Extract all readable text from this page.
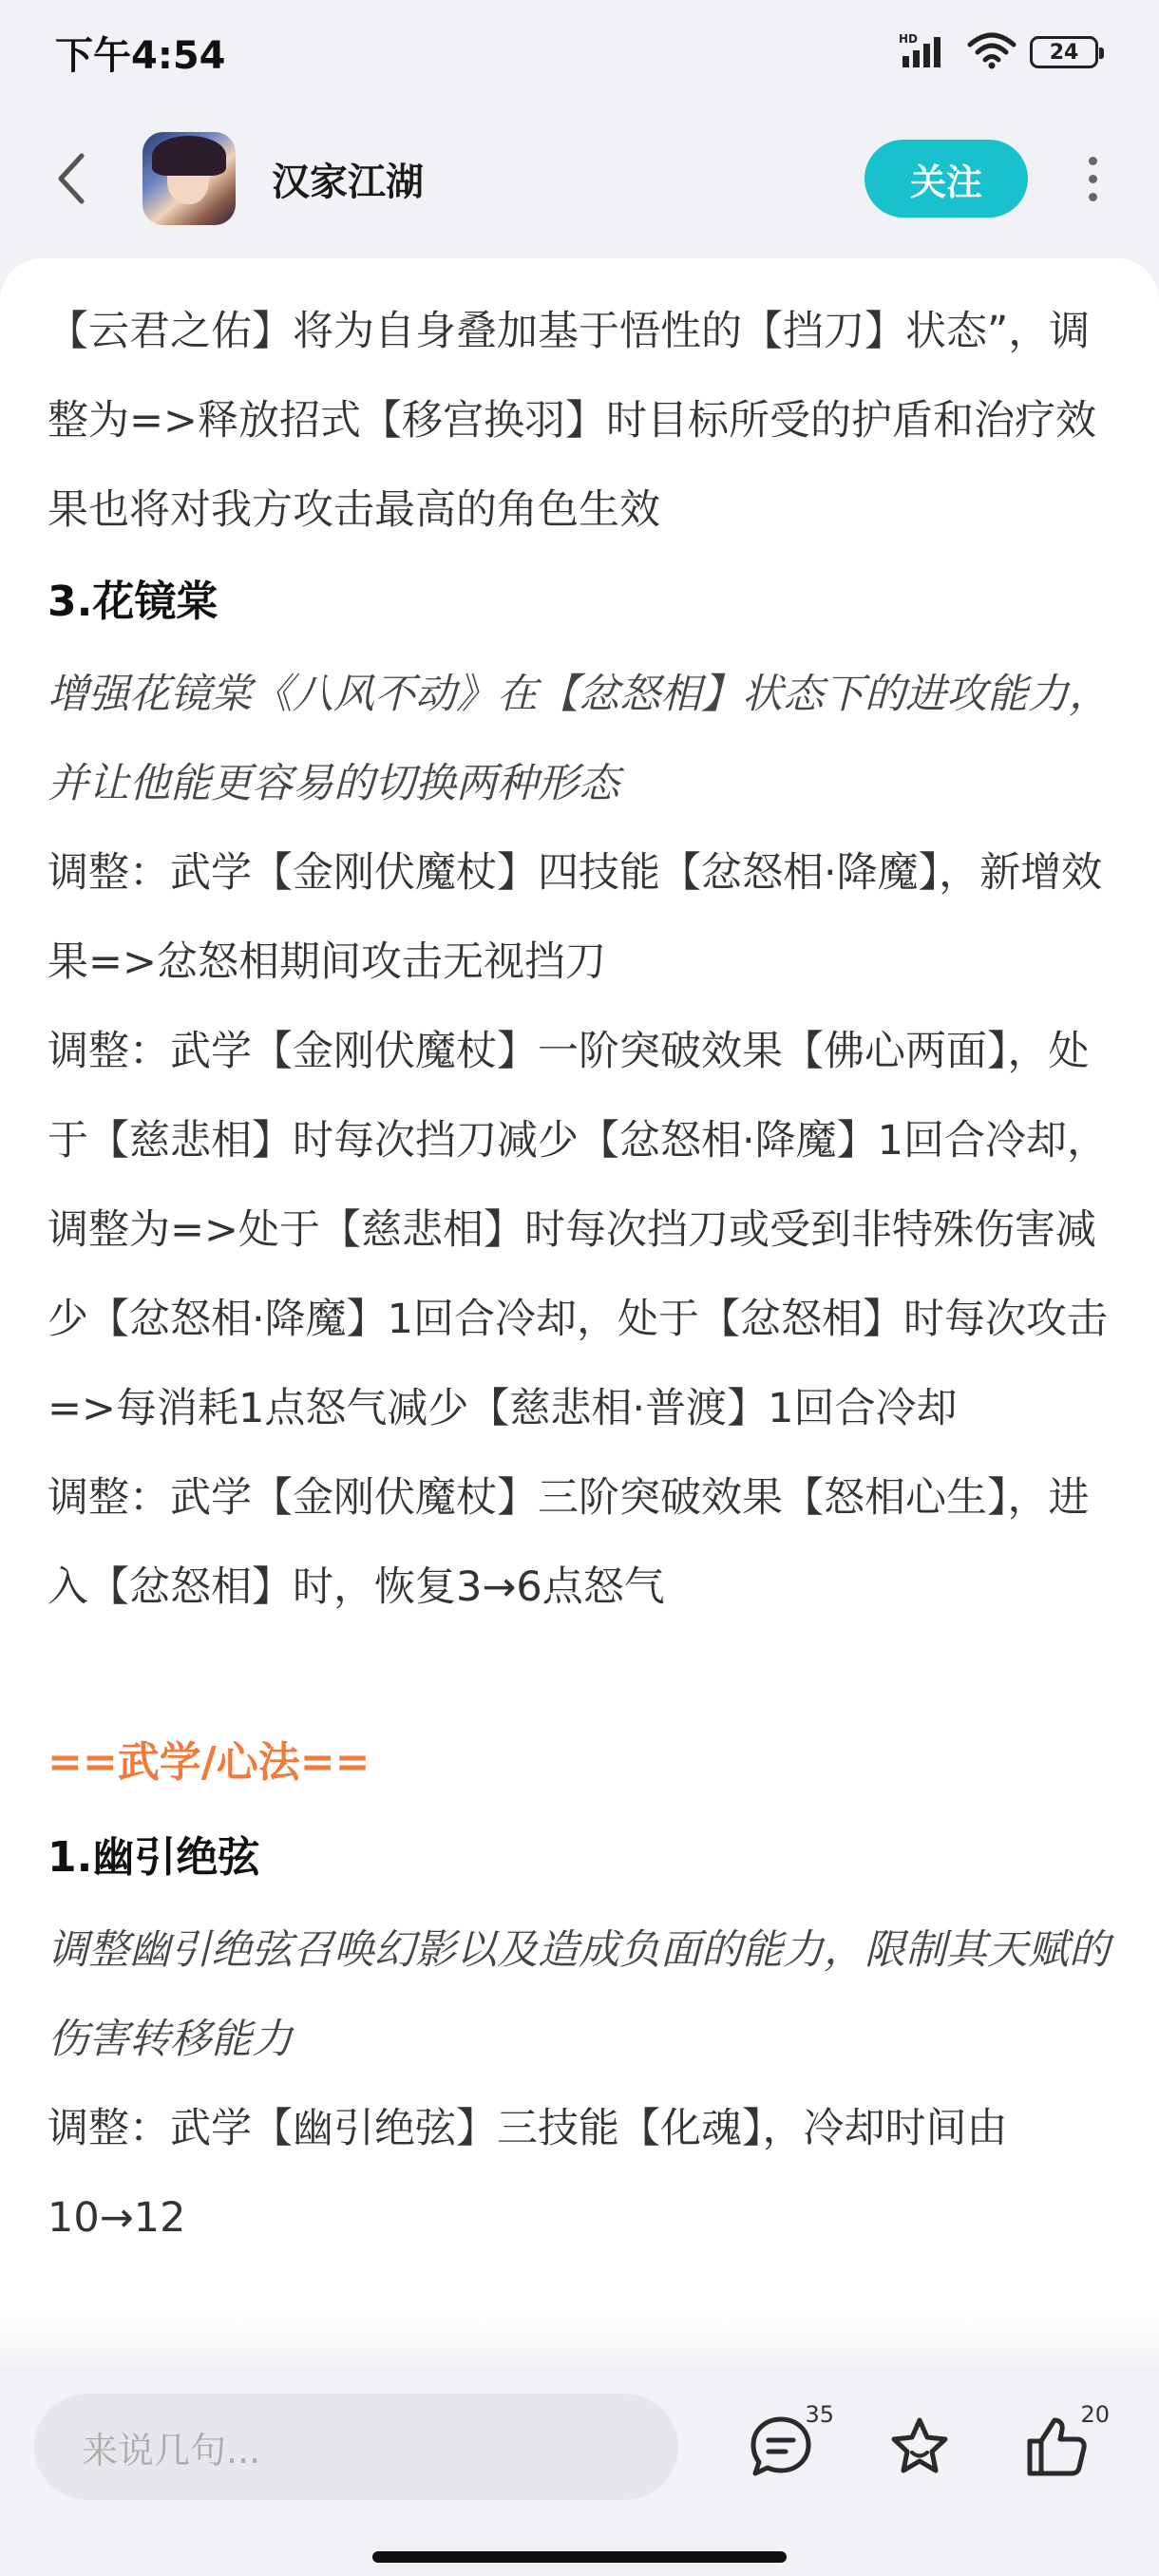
下午4:54	HD
24
汉家江湖	关注

【云君之佑】将为自身叠加基于悟性的【挡刀】状态”，调整为=>释放招式【移宫换羽】时目标所受的护盾和治疗效果也将对我方攻击最高的角色生效

3.花镜棠

增强花镜棠《八风不动》在【忿怒相】状态下的进攻能力，并让他能更容易的切换两种形态

调整：武学【金刚伏魔杖】四技能【忿怒相·降魔】，新增效果=>忿怒相期间攻击无视挡刀

调整：武学【金刚伏魔杖】一阶突破效果【佛心两面】，处于【慈悲相】时每次挡刀减少【忿怒相·降魔】1回合冷却，调整为=>处于【慈悲相】时每次挡刀或受到非特殊伤害减少【忿怒相·降魔】1回合冷却，处于【忿怒相】时每次攻击=>每消耗1点怒气减少【慈悲相·普渡】1回合冷却

调整：武学【金刚伏魔杖】三阶突破效果【怒相心生】，进入【忿怒相】时，恢复3→6点怒气

==武学/心法==
1.幽引绝弦

调整幽引绝弦召唤幻影以及造成负面的能力，限制其天赋的伤害转移能力

调整：武学【幽引绝弦】三技能【化魂】，冷却时间由10→12

来说几句...
35	20
